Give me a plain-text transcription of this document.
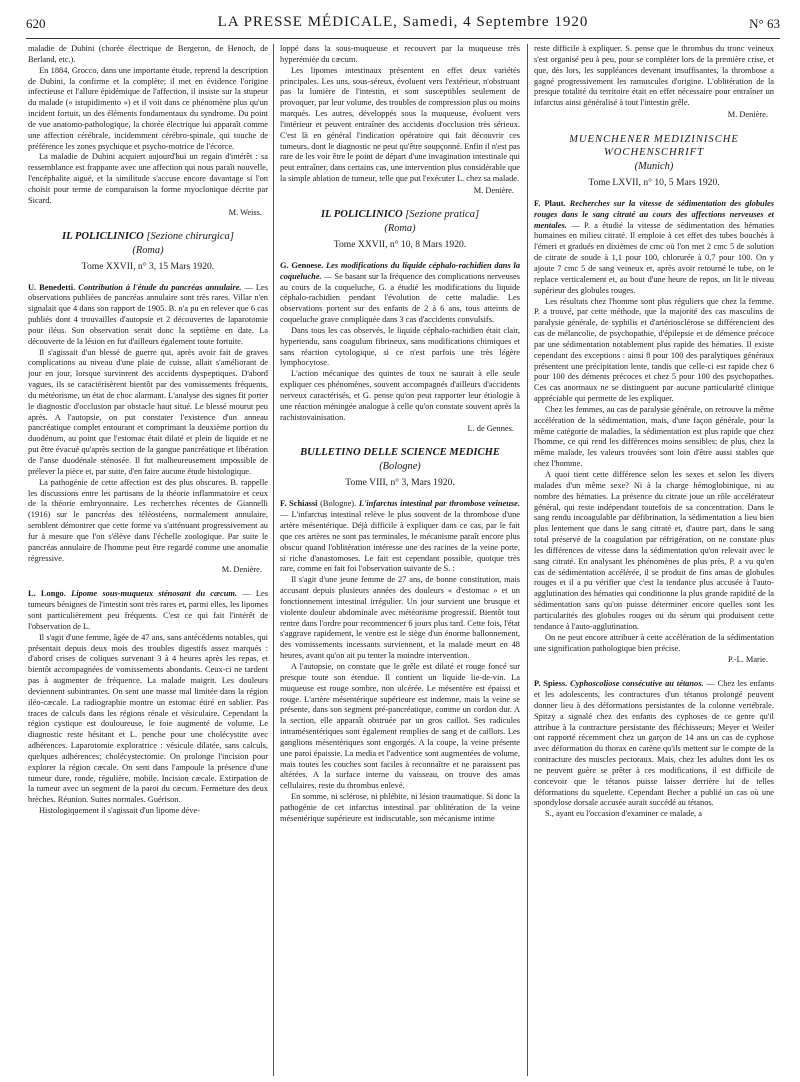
620	LA PRESSE MÉDICALE, Samedi, 4 Septembre 1920	N° 63

maladie de Dubini (chorée électrique de Bergeron, de Henoch, de Berland, etc.).

En 1884, Grocco, dans une importante étude, reprend la description de Dubini, la confirme et la complète; il met en évidence l'origine infectieuse et l'allure épidémique de l'affection, il insiste sur la stupeur du malade (« istupidimento ») et il voit dans ce phénomène plus qu'un incident fortuit, un des éléments fondamentaux du syndrome. Du point de vue anatomo-pathologique, la chorée électrique lui apparaît comme une affection cérébrale, incidemment cérébro-spinale, qui touche de préférence les zones psychique et psycho-motrice de l'écorce.

La maladie de Dubini acquiert aujourd'hui un regain d'intérêt : sa ressemblance est frappante avec une affection qui nous paraît nouvelle, l'encéphalite aiguë, et la similitude s'accuse encore davantage si l'on choisit pour terme de comparaison la forme myoclonique décrite par Sicard.

M. Weiss.

IL POLICLINICO [Sezione chirurgica]

(Roma)

Tome XXVII, n° 3, 15 Mars 1920.

U. Benedetti. Contribution à l'étude du pancréas annulaire. — Les observations publiées de pancréas annulaire sont très rares. Villar n'en signalait que 4 dans son rapport de 1905. B. n'a pu en relever que 6 cas publiés dont 4 trouvailles d'autopsie et 2 découvertes de laparotomie pour iléus. Son observation serait donc la septième en date. La découverte de la lésion en fut d'ailleurs également toute fortuite.

Il s'agissait d'un blessé de guerre qui, après avoir fait de graves complications au niveau d'une plaie de cuisse, allait s'améliorant de jour en jour, lorsque survinrent des accidents dyspeptiques. D'abord vagues, ils se caractérisèrent bientôt par des vomissements fréquents, du météorisme, un état de choc alarmant. L'analyse des signes fit porter le diagnostic d'occlusion par obstacle haut situé. Le blessé mourut peu après. A l'autopsie, on put constater l'existence d'un anneau pancréatique complet entourant et comprimant la deuxième portion du duodénum, au point que l'estomac était dilaté et plein de liquide et ne put être évacué qu'après section de la gangue pancréatique et libération de l'anse duodénale sténosée. Il fut malheureusement impossible de prélever la pièce et, par suite, d'en faire aucune étude histologique.

La pathogénie de cette affection est des plus obscures. B. rappelle les discussions entre les partisans de la théorie inflammatoire et ceux de la théorie embryonnaire. Les recherches récentes de Giannelli (1916) sur le pancréas des téléostéens, normalement annulaire, semblent démontrer que cette forme va s'atténuant progressivement au fur à mesure que l'on s'élève dans l'échelle zoologique. Par suite le pancréas annulaire de l'homme peut être regardé comme une anomalie régressive.

M. Denière.

L. Longo. Lipome sous-muqueux sténosant du cæcum. — Les tumeurs bénignes de l'intestin sont très rares et, parmi elles, les lipomes sont particulièrement peu fréquents. C'est ce qui fait l'intérêt de l'observation de L.

Il s'agit d'une femme, âgée de 47 ans, sans antécédents notables, qui présentait depuis deux mois des troubles digestifs assez marqués : d'abord crises de coliques survenant 3 à 4 heures après les repas, et bientôt accompagnées de vomissements abondants. Ceux-ci ne tardent pas à augmenter de fréquence. La malade maigrit. Les douleurs deviennent subintrantes. On sent une masse mal limitée dans la région iléo-cæcale. La radiographie montre un estomac étiré en sablier. Pas traces de calculs dans les régions rénale et vésiculaire. Cependant la région cystique est douloureuse, le foie augmenté de volume. Le diagnostic reste hésitant et L. penche pour une cholécystite avec adhérences. Laparotomie exploratrice : vésicule dilatée, sans calculs, quelques adhérences; cholécystectomie. On prolonge l'incision pour explorer la région cæcale. On sent dans l'ampoule la présence d'une tumeur dure, ronde, régulière, mobile. Incision cæcale. Extirpation de la tumeur avec un segment de la paroi du cæcum. Fermeture des deux brèches. Réunion. Suites normales. Guérison.

Histologiquement il s'agissait d'un lipome déve-

loppé dans la sous-muqueuse et recouvert par la muqueuse très hyperémiée du cæcum.

Les lipomes intestinaux présentent en effet deux variétés principales. Les uns, sous-séreux, évoluent vers l'extérieur, n'obstruant pas la lumière de l'intestin, et sont susceptibles seulement de provoquer, par leur volume, des troubles de compression plus ou moins marqués. Les autres, développés sous la muqueuse, évoluent vers l'intérieur et peuvent entraîner des accidents d'occlusion très sérieux. C'est là en général l'indication opératoire qui fait découvrir ces tumeurs, dont le diagnostic ne peut qu'être soupçonné. Enfin il n'est pas rare de les voir être le point de départ d'une invagination intestinale qui peut entraîner, dans certains cas, une intervention plus considérable que la simple ablation de tumeur, telle que put l'exécuter L. chez sa malade.

M. Denière.

IL POLICLINICO [Sezione pratica]

(Roma)

Tome XXVII, n° 10, 8 Mars 1920.

G. Genoese. Les modifications du liquide céphalo-rachidien dans la coqueluche. — Se basant sur la fréquence des complications nerveuses au cours de la coqueluche, G. a étudié les modifications du liquide céphalo-rachidien pendant l'évolution de cette maladie. Les observations portent sur des enfants de 2 à 6 ans, tous atteints de coqueluche grave compliquée dans 3 cas d'accidents convulsifs.

Dans tous les cas observés, le liquide céphalo-rachidien était clair, hypertendu, sans coagulum fibrineux, sans modifications chimiques et sans réaction cytologique, si ce n'est parfois une très légère lymphocytose.

L'action mécanique des quintes de toux ne saurait à elle seule expliquer ces phénomènes, souvent accompagnés d'ailleurs d'accidents nerveux caractérisés, et G. pense qu'on peut rapporter leur étiologie à une réaction méningée analogue à celle qu'on constate souvent après la rachistovainisation.

L. de Gennes.

BULLETINO DELLE SCIENCE MEDICHE

(Bologne)

Tome VIII, n° 3, Mars 1920.

F. Schiassi (Bologne). L'infarctus intestinal par thrombose veineuse. — L'infarctus intestinal relève le plus souvent de la thrombose d'une artère mésentérique. Déjà difficile à expliquer dans ce cas, par le fait que ces artères ne sont pas terminales, le mécanisme paraît encore plus obscur quand l'oblitération intéresse une des racines de la veine porte, si riche d'anastomoses. Le fait est cependant possible, quoique très rare, comme en fait foi l'observation suivante de S. :

Il s'agit d'une jeune femme de 27 ans, de bonne constitution, mais accusant depuis plusieurs années des douleurs « d'estomac » et un fonctionnement intestinal irrégulier. Un jour survient une brusque et violente douleur abdominale avec météorisme progressif. Bientôt tout rentre dans l'ordre pour recommencer 6 jours plus tard. Cette fois, l'état s'aggrave rapidement, le ventre est le siège d'un énorme ballonnement, des vomissements incessants surviennent, et la malade meurt en 48 heures, avant qu'on ait pu tenter la moindre intervention.

A l'autopsie, on constate que le grêle est dilaté et rouge foncé sur presque toute son étendue. Il contient un liquide lie-de-vin. La muqueuse est rouge sombre, non ulcérée. Le mésentère est épaissi et rouge. L'artère mésentérique supérieure est indemne, mais la veine se présente, dans son segment pré-pancréatique, comme un cordon dur. A la section, elle apparaît obstruée par un gros caillot. Ses radicules intramésentériques sont également remplies de sang et de caillots. Les ganglions mésentériques sont engorgés. A la coupe, la veine présente une paroi épaissie. La media et l'adventice sont augmentées de volume, mais toutes les couches sont faciles à reconnaître et ne paraissent pas altérées. A la surface interne du vaisseau, on trouve des amas cellulaires, reste du thrombus enlevé.

En somme, ni sclérose, ni phlébite, ni lésion traumatique. Si donc la pathogénie de cet infarctus intestinal par oblitération de la veine mésentérique supérieure est indiscutable, son mécanisme intime

reste difficile à expliquer. S. pense que le thrombus du tronc veineux s'est organisé peu à peu, pour se compléter lors de la première crise, et que, dès lors, les suppléances devenant insuffisantes, la thrombose a gagné progressivement les ramuscules d'origine. L'oblitération de la presque totalité du territoire était en effet nécessaire pour entraîner un infarctus ainsi généralisé à tout l'intestin grêle.

M. Denière.

MUENCHENER MEDIZINISCHE WOCHENSCHRIFT

(Munich)

Tome LXVII, n° 10, 5 Mars 1920.

F. Plaut. Recherches sur la vitesse de sédimentation des globules rouges dans le sang citraté au cours des affections nerveuses et mentales. — P. a étudié la vitesse de sédimentation des hématies humaines en milieu citraté. Il emploie à cet effet des tubes bouchés à l'émeri et gradués en dixièmes de cmc où l'on met 2 cmc 5 de solution de citrate de soude à 1,1 pour 100, chlorurée à 0,7 pour 100. On y ajoute 7 cmc 5 de sang veineux et, après avoir retourné le tube, on le replace verticalement et, au bout d'une heure de repos, on lit le niveau supérieur des globules rouges.

Les résultats chez l'homme sont plus réguliers que chez la femme. P. a trouvé, par cette méthode, que la majorité des cas masculins de paralysie générale, de syphilis et d'artériosclérose se différencient des cas de mélancolie, de psychopathie, d'épilepsie et de démence précoce par une sédimentation notablement plus rapide des hématies. Il existe cependant des exceptions : ainsi 8 pour 100 des paralytiques généraux présentent une précipitation lente, tandis que celle-ci est rapide chez 6 pour 100 des déments précoces et chez 5 pour 100 des psychopathes. Ces cas anormaux ne se distinguent par aucune particularité clinique appréciable qui permette de les expliquer.

Chez les femmes, au cas de paralysie générale, on retrouve la même accélération de la sédimentation, mais, d'une façon générale, pour la même catégorie de maladies, la sédimentation est plus rapide que chez l'homme, ce qui rend les différences moins sensibles; de plus, chez la même malade, les valeurs trouvées sont loin d'être aussi stables que chez l'homme.

A quoi tient cette différence selon les sexes et selon les divers malades d'un même sexe? Ni à la charge hémoglobinique, ni au nombre des hématies. La présence du citrate joue un rôle accélérateur général, qui reste indépendant toutefois de sa concentration. Dans le sang rendu incoagulable par défibrination, la sédimentation a lieu bien plus lentement que dans le sang citraté et, d'autre part, dans le sang total préservé de la coagulation par réfrigération, on ne constate plus les différences de vitesse dans la sédimentation qu'on relevait avec le sang citraté. En analysant les phénomènes de plus près, P. a vu qu'en cas de sédimentation accélérée, il se produit de fins amas de globules rouges et il a pu vérifier que c'est la tendance plus accusée à l'auto-agglutination des hématies qui conditionne la plus grande rapidité de la sédimentation sans qu'on puisse déterminer encore quelles sont les particularités des globules rouges ou du sérum qui produisent cette tendance à l'auto-agglutination.

On ne peut encore attribuer à cette accélération de la sédimentation une signification pathologique bien précise.

P.-L. Marie.

P. Spiess. Cyphoscoliose consécutive au tétanos. — Chez les enfants et les adolescents, les contractures d'un tétanos prolongé peuvent donner lieu à des déformations persistantes de la colonne vertébrale. Spitzy a signalé chez des enfants des cyphoses de ce genre qu'il attribue à la contracture persistante des fléchisseurs; Meyer et Weiler ont rapporté récemment chez un garçon de 14 ans un cas de cyphose avec déformation du thorax en carène qu'ils mettent sur le compte de la contracture des muscles pectoraux. Mais, chez les adultes dont les os ne peuvent guère se prêter à ces modifications, il est difficile de concevoir que le tétanos puisse laisser derrière lui de telles déformations du squelette. Cependant Becher a publié un cas où une spondylose dorsale accusée aurait succédé au tétanos.

S., ayant eu l'occasion d'examiner ce malade, a
